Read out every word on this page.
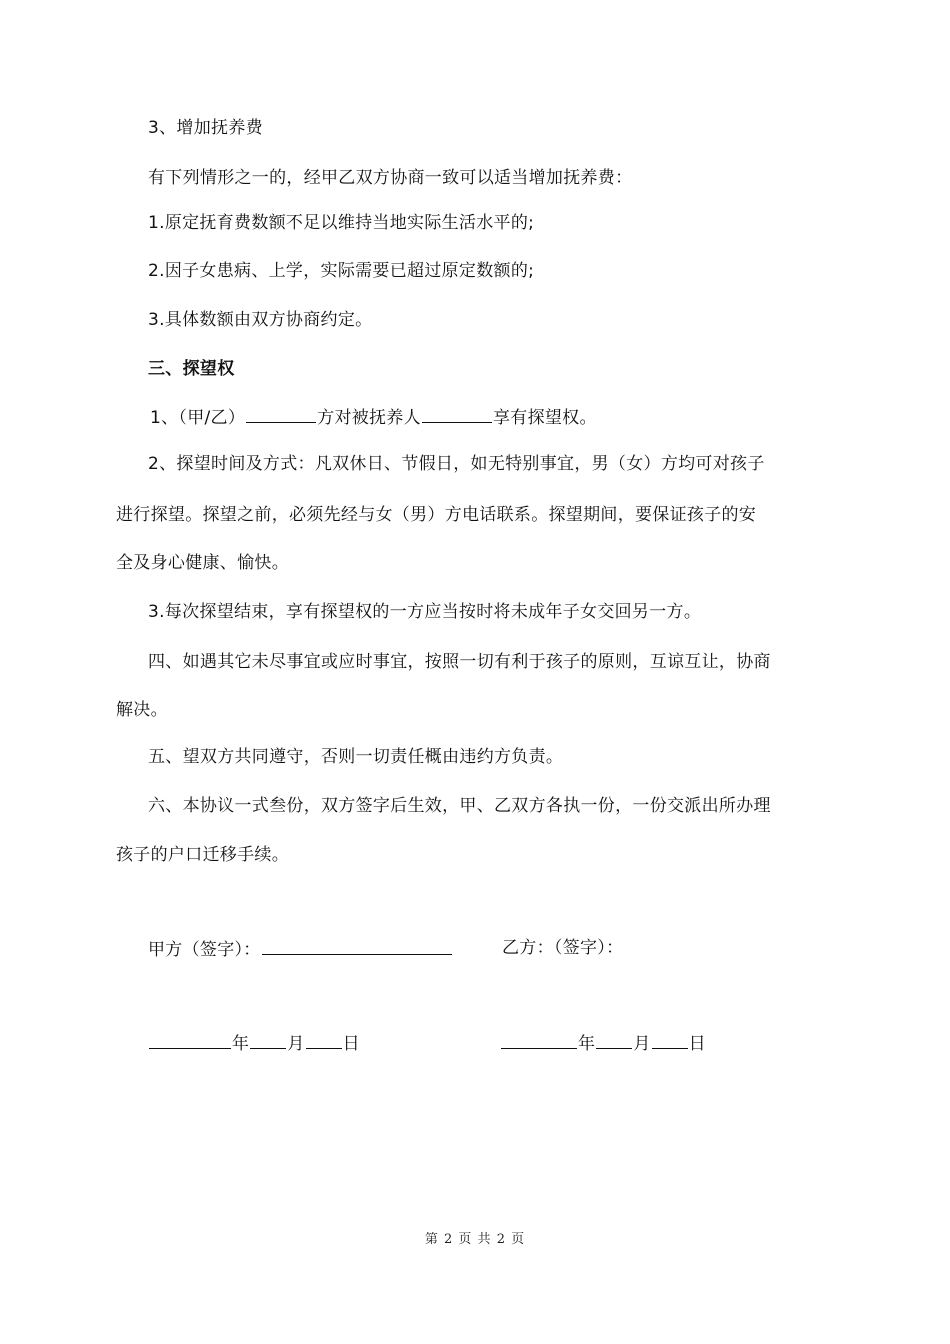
3、增加抚养费
有下列情形之一的，经甲乙双方协商一致可以适当增加抚养费：
1.原定抚育费数额不足以维持当地实际生活水平的;
2.因子女患病、上学，实际需要已超过原定数额的;
3.具体数额由双方协商约定。
三、探望权
1、（甲/乙）	方对被抚养人	享有探望权。
2、探望时间及方式：凡双休日、节假日，如无特别事宜，男（女）方均可对孩子
进行探望。探望之前，必须先经与女（男）方电话联系。探望期间，要保证孩子的安
全及身心健康、愉快。
3.每次探望结束，享有探望权的一方应当按时将未成年子女交回另一方。
四、如遇其它未尽事宜或应时事宜，按照一切有利于孩子的原则，互谅互让，协商
解决。
五、望双方共同遵守，否则一切责任概由违约方负责。
六、本协议一式叁份，双方签字后生效，甲、乙双方各执一份，一份交派出所办理
孩子的户口迁移手续。
甲方（签字）：	乙方：（签字）：
年 月 日	年 月 日
第 2 页 共 2 页
